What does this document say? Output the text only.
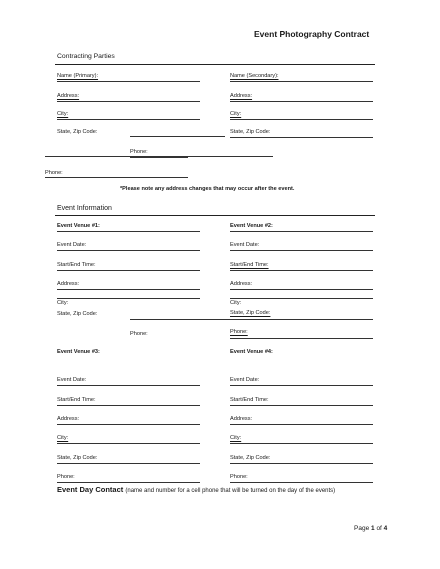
Event Photography Contract
Contracting Parties
Name (Primary):	Name (Secondary):
Address:	Address:
City:	City:
State, Zip Code:	State, Zip Code:
Phone:
Phone:
*Please note any address changes that may occur after the event.
Event Information
Event Venue #1:	Event Venue #2:
Event Date:	Event Date:
Start/End Time:	Start/End Time:
Address:	Address:
City:	City:
State, Zip Code:	State, Zip Code:
Phone:	Phone:
Event Venue #3:	Event Venue #4:
Event Date:	Event Date:
Start/End Time:	Start/End Time:
Address:	Address:
City:	City:
State, Zip Code:	State, Zip Code:
Phone:	Phone:
Event Day Contact (name and number for a cell phone that will be turned on the day of the events)
Page 1 of 4
